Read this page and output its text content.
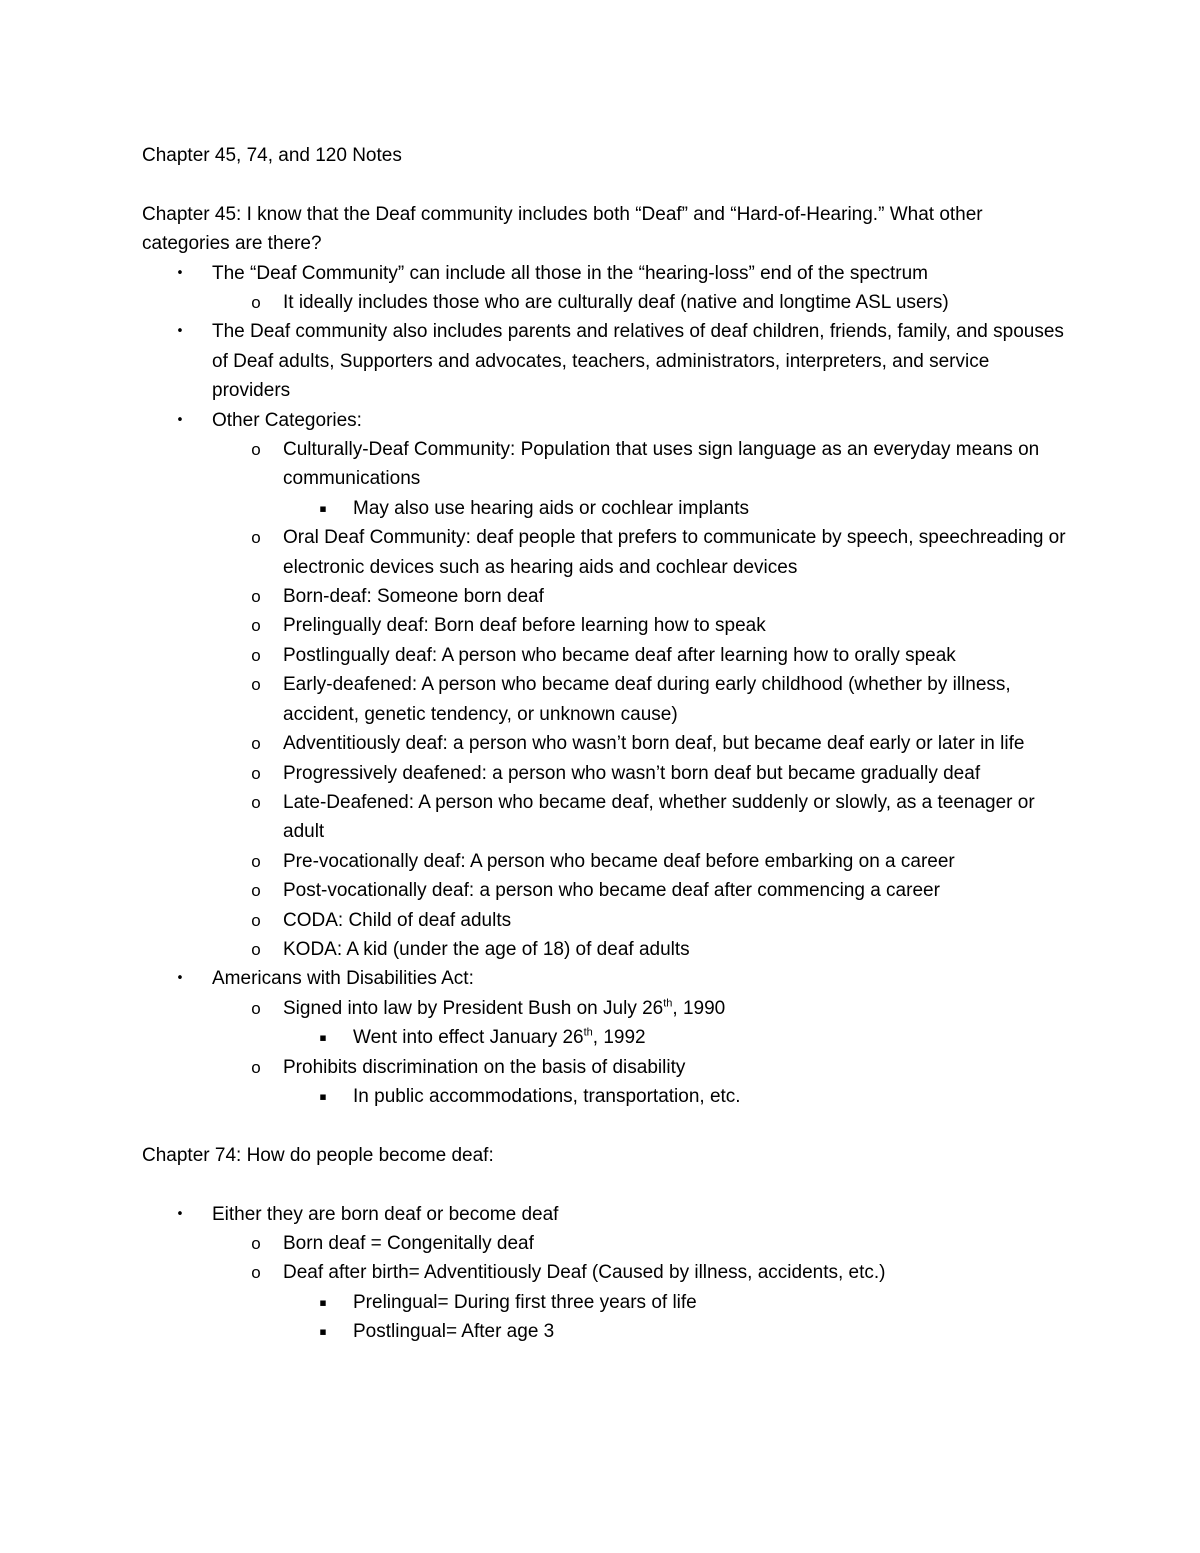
Chapter 45, 74, and 120 Notes

Chapter 45: I know that the Deaf community includes both “Deaf” and “Hard-of-Hearing.” What other categories are there?

•	The “Deaf Community” can include all those in the “hearing-loss” end of the spectrum
o It ideally includes those who are culturally deaf (native and longtime ASL users)
•	The Deaf community also includes parents and relatives of deaf children, friends, family, and spouses of Deaf adults, Supporters and advocates, teachers, administrators, interpreters, and service providers
•	Other Categories:
o Culturally-Deaf Community: Population that uses sign language as an everyday means on communications
▪	May also use hearing aids or cochlear implants
o Oral Deaf Community: deaf people that prefers to communicate by speech, speechreading or electronic devices such as hearing aids and cochlear devices
o Born-deaf: Someone born deaf
o Prelingually deaf: Born deaf before learning how to speak
o Postlingually deaf: A person who became deaf after learning how to orally speak
o Early-deafened: A person who became deaf during early childhood (whether by illness, accident, genetic tendency, or unknown cause)
o Adventitiously deaf: a person who wasn’t born deaf, but became deaf early or later in life
o Progressively deafened: a person who wasn’t born deaf but became gradually deaf
o Late-Deafened: A person who became deaf, whether suddenly or slowly, as a teenager or adult
o Pre-vocationally deaf: A person who became deaf before embarking on a career
o Post-vocationally deaf: a person who became deaf after commencing a career
o CODA: Child of deaf adults
o KODA: A kid (under the age of 18) of deaf adults
•	Americans with Disabilities Act:
o Signed into law by President Bush on July 26th, 1990
▪	Went into effect January 26th, 1992
o Prohibits discrimination on the basis of disability
▪	In public accommodations, transportation, etc.

Chapter 74: How do people become deaf:

•	Either they are born deaf or become deaf
o Born deaf = Congenitally deaf
o Deaf after birth= Adventitiously Deaf (Caused by illness, accidents, etc.)
▪	Prelingual= During first three years of life
▪	Postlingual= After age 3
